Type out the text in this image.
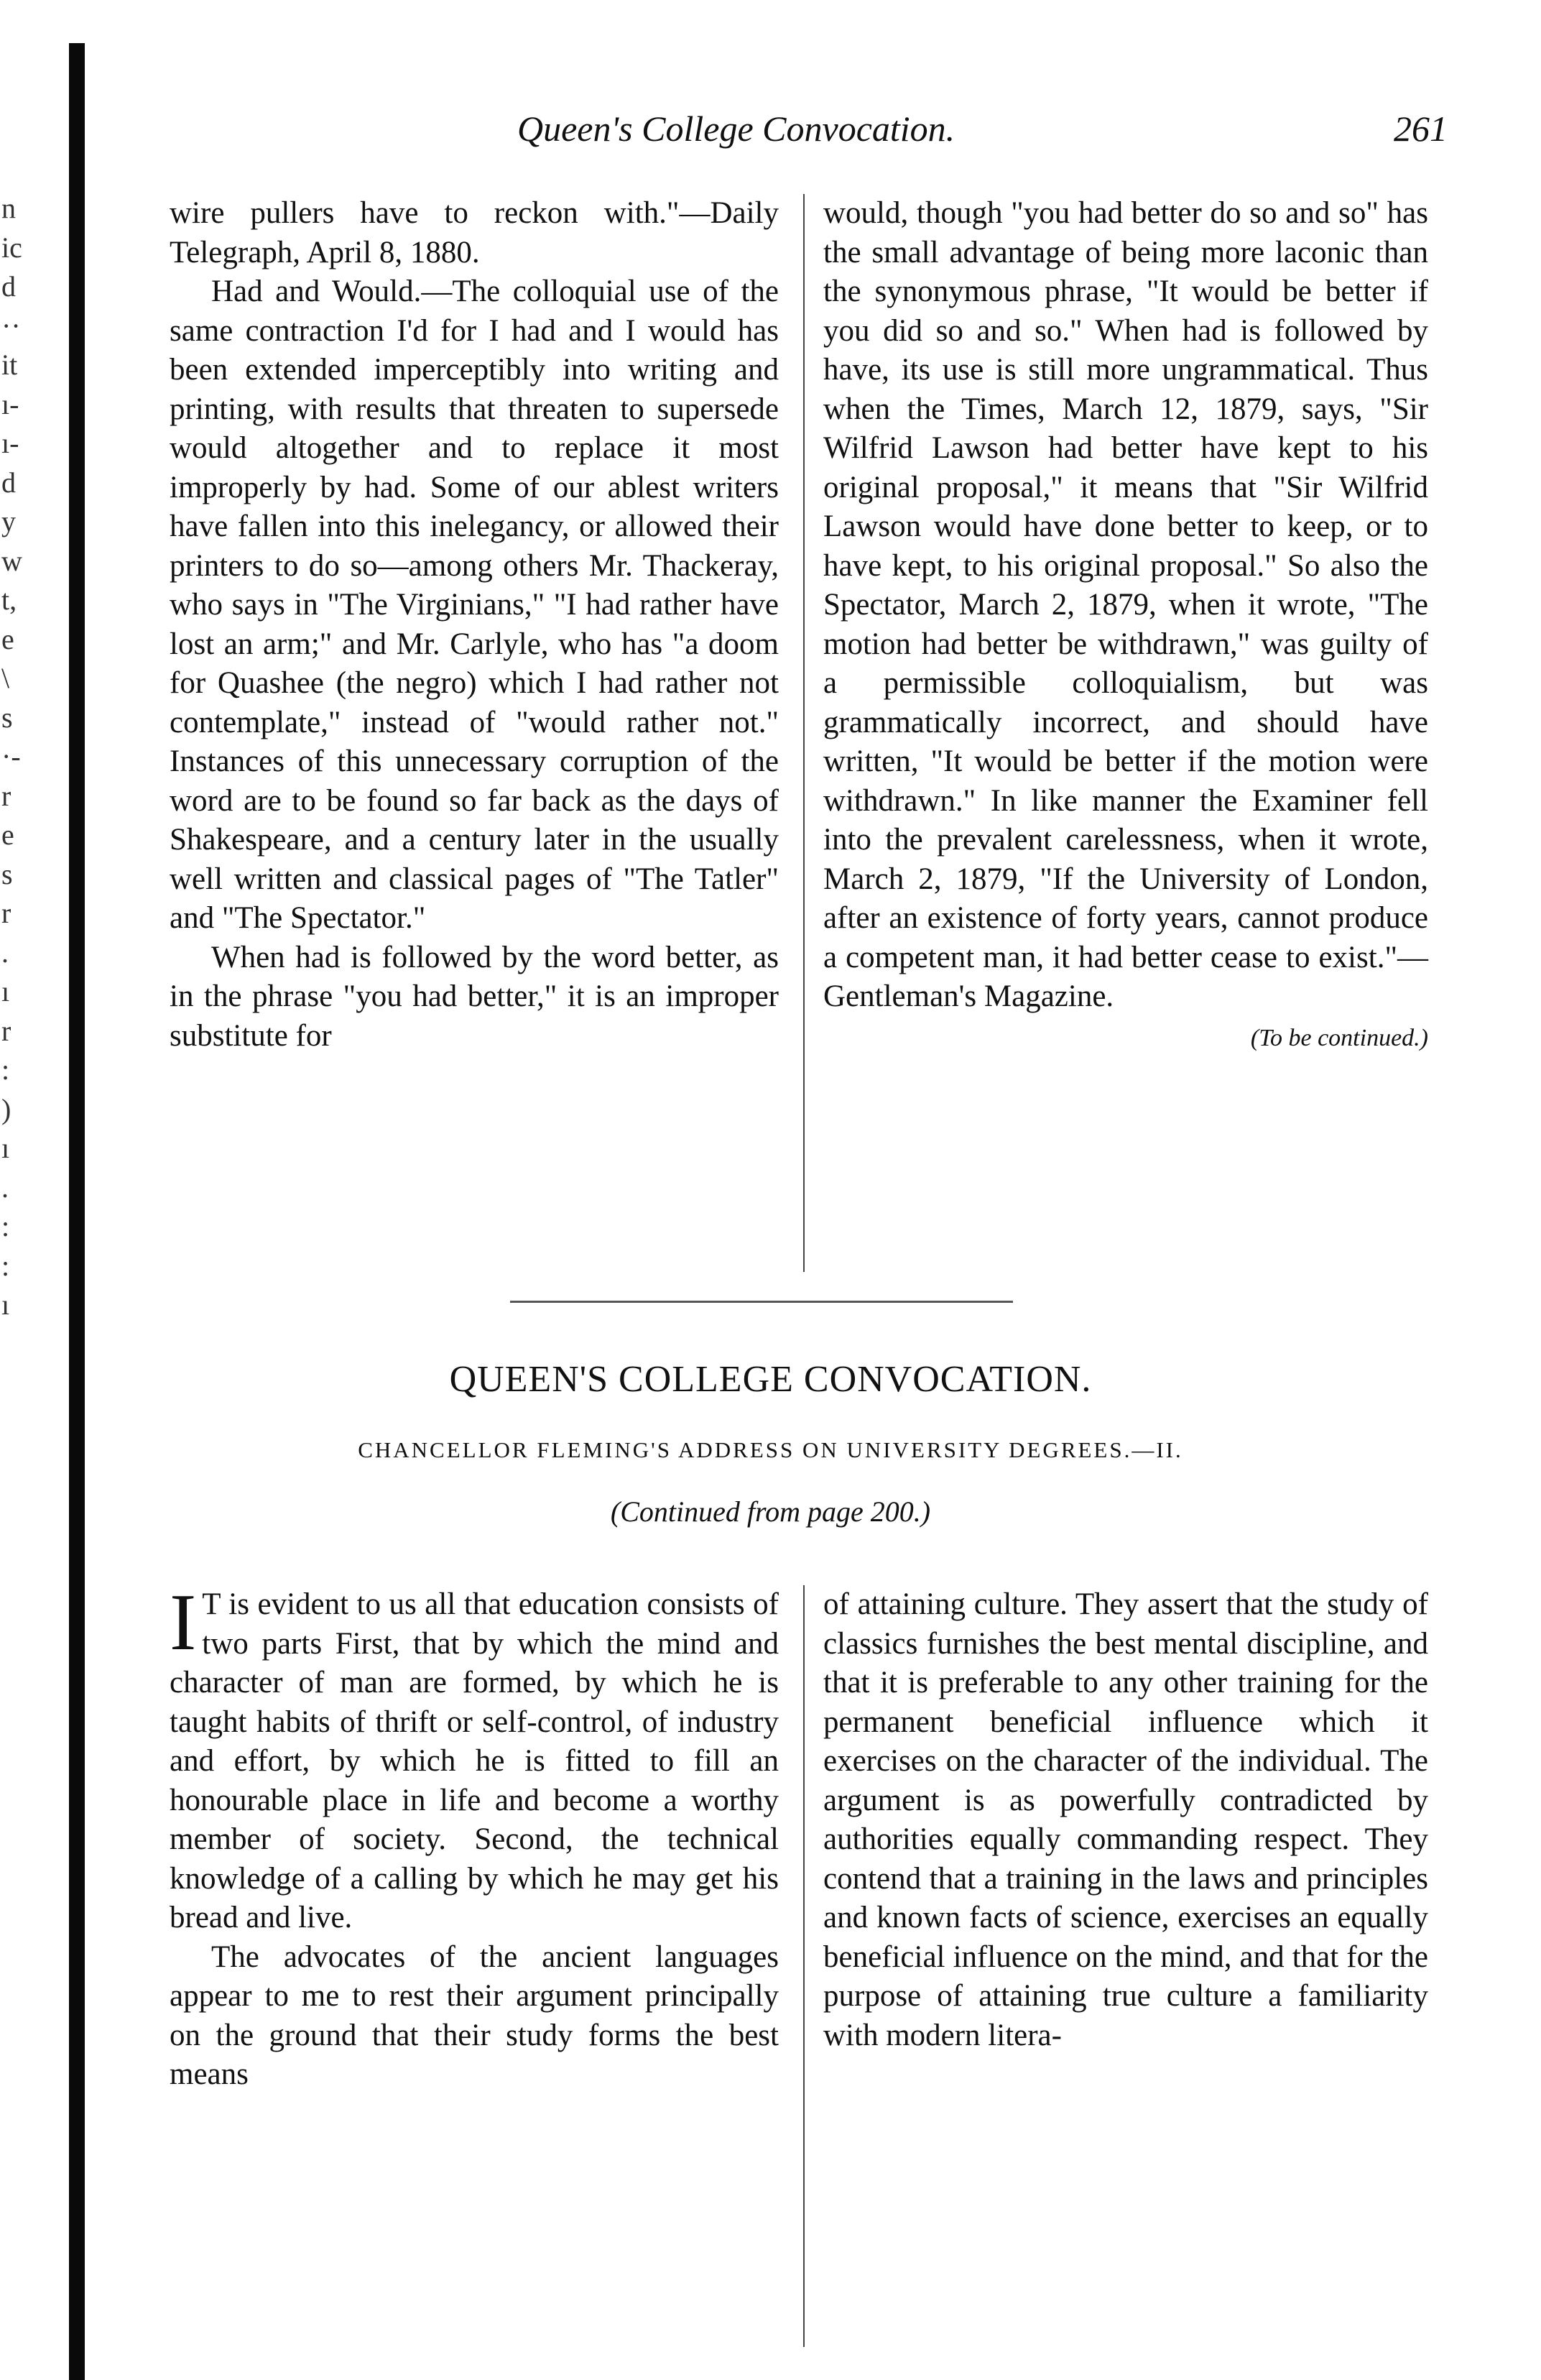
n
ic
d
··
it
ı-
ı-
d
y
w
t,
e
\
s
·-
r
e
s
r
.
ı
r
:
)
ı
.
:
:
ı
Queen's College Convocation.	261

wire pullers have to reckon with."—Daily Telegraph, April 8, 1880.

Had and Would.—The colloquial use of the same contraction I'd for I had and I would has been extended imperceptibly into writing and printing, with results that threaten to supersede would altogether and to replace it most improperly by had. Some of our ablest writers have fallen into this inelegancy, or allowed their printers to do so—among others Mr. Thackeray, who says in "The Virginians," "I had rather have lost an arm;" and Mr. Carlyle, who has "a doom for Quashee (the negro) which I had rather not contemplate," instead of "would rather not." Instances of this unnecessary corruption of the word are to be found so far back as the days of Shakespeare, and a century later in the usually well written and classical pages of "The Tatler" and "The Spectator."

When had is followed by the word better, as in the phrase "you had better," it is an improper substitute for

would, though "you had better do so and so" has the small advantage of being more laconic than the synonymous phrase, "It would be better if you did so and so." When had is followed by have, its use is still more ungrammatical. Thus when the Times, March 12, 1879, says, "Sir Wilfrid Lawson had better have kept to his original proposal," it means that "Sir Wilfrid Lawson would have done better to keep, or to have kept, to his original proposal." So also the Spectator, March 2, 1879, when it wrote, "The motion had better be withdrawn," was guilty of a permissible colloquialism, but was grammatically incorrect, and should have written, "It would be better if the motion were withdrawn." In like manner the Examiner fell into the prevalent carelessness, when it wrote, March 2, 1879, "If the University of London, after an existence of forty years, cannot produce a competent man, it had better cease to exist."—Gentleman's Magazine.

(To be continued.)

QUEEN'S COLLEGE CONVOCATION.
CHANCELLOR FLEMING'S ADDRESS ON UNIVERSITY DEGREES.—II.
(Continued from page 200.)

I T is evident to us all that education consists of two parts First, that by which the mind and character of man are formed, by which he is taught habits of thrift or self-control, of industry and effort, by which he is fitted to fill an honourable place in life and become a worthy member of society. Second, the technical knowledge of a calling by which he may get his bread and live.

The advocates of the ancient languages appear to me to rest their argument principally on the ground that their study forms the best means

of attaining culture. They assert that the study of classics furnishes the best mental discipline, and that it is preferable to any other training for the permanent beneficial influence which it exercises on the character of the individual. The argument is as powerfully contradicted by authorities equally commanding respect. They contend that a training in the laws and principles and known facts of science, exercises an equally beneficial influence on the mind, and that for the purpose of attaining true culture a familiarity with modern litera-
